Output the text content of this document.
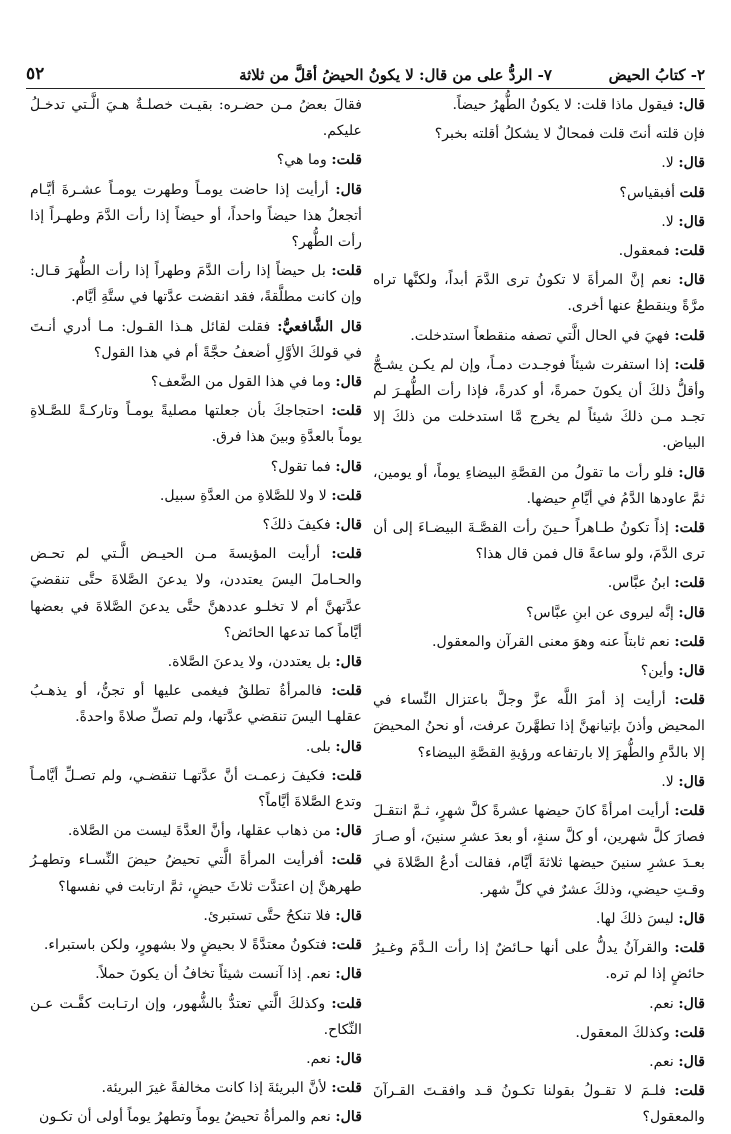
٢- كتابُ الحيض
٧- الردُّ على من قال: لا يكونُ الحيضُ أقلَّ من ثلاثة
٥٢

قال: فيقول ماذا قلت: لا يكونُ الطُّهرُ حيضاً.

فإن قلته أنتَ قلت فمحالٌ لا يشكلُ أقلته بخبر؟

قال: لا.

قلت أفبقياس؟

قال: لا.

قلت: فمعقول.

قال: نعم إنَّ المرأةَ لا تكونُ ترى الدَّمَ أبداً، ولكنَّها تراه مرَّةً وينقطعُ عنها أخرى.

قلت: فهيَ في الحال الَّتي تصفه منقطعاً استدخلت.

قلت: إذا استفرت شيئاً فوجـدت دمـاً، وإن لم يكـن يشـجُّ وأقلُّ ذلكَ أن يكونَ حمرةً، أو كدرةً، فإذا رأت الطُّهـرَ لم تجـد مـن ذلكَ شيئاً لم يخرج مَّا استدخلت من ذلكَ إلا البياض.

قال: فلو رأت ما تقولُ من القصَّةِ البيضاءِ يوماً، أو يومين، ثمَّ عاودها الدَّمُ في أيَّامِ حيضها.

قلت: إذاً تكونُ طـاهراً حـينَ رأت القصَّـةَ البيضـاءَ إلى أن ترى الدَّمَ، ولو ساعةً قال فمن قال هذا؟

قلت: ابنُ عبَّاس.

قال: إنَّه ليروى عن ابنِ عبَّاس؟

قلت: نعم ثابتاً عنه وهوَ معنى القرآن والمعقول.

قال: وأين؟

قلت: أرأيت إذ أمرَ اللَّه عزَّ وجلَّ باعتزال النِّساء في المحيض وأذنَ بإتيانهنَّ إذا تطهَّرنَ عرفت، أو نحنُ المحيضَ إلا بالدَّمِ والطُّهرَ إلا بارتفاعه ورؤيةِ القصَّةِ البيضاء؟

قال: لا.

قلت: أرأيت امرأةً كانَ حيضها عشرةً كلَّ شهرٍ، ثـمَّ انتقـلَ فصارَ كلَّ شهرين، أو كلَّ سنةٍ، أو بعدَ عشرِ سنينَ، أو صـارَ بعـدَ عشرِ سنينَ حيضها ثلاثةَ أيَّام، فقالت أدعُ الصَّلاةَ في وقـتِ حيضي، وذلكَ عشرٌ في كلِّ شهر.

قال: ليسَ ذلكَ لها.

قلت: والقرآنُ يدلُّ على أنها حـائضٌ إذا رأت الـدَّمَ وغـيرُ حائضٍ إذا لم تره.

قال: نعم.

قلت: وكذلكَ المعقول.

قال: نعم.

قلت: فلـمَ لا تقـولُ بقولنا تكـونُ قـد وافقـتَ القـرآنَ والمعقول؟

فقالَ بعضُ مـن حضـره: بقيـت خصلـةٌ هـيَ الَّـتي تدخـلُ عليكم.

قلت: وما هي؟

قال: أرأيت إذا حاضت يومـاً وطهرت يومـاً عشـرةَ أيَّـام أتجعلُ هذا حيضاً واحداً، أو حيضاً إذا رأت الدَّمَ وطهـراً إذا رأت الطُّهر؟

قلت: بل حيضاً إذا رأت الدَّمَ وطهراً إذا رأت الطُّهرَ قـال: وإن كانت مطلَّقةً، فقد انقضت عدَّتها في ستَّةِ أيَّام.

قال الشَّافعيُّ: فقلت لقائل هـذا القـول: مـا أدري أنـتَ في قولكَ الأوَّلِ أضعفُ حجَّةً أم في هذا القول؟

قال: وما في هذا القول من الضَّعف؟

قلت: احتجاجكَ بأن جعلتها مصليةً يومـاً وتاركـةً للصَّـلاةِ يوماً بالعدَّةِ وبينَ هذا فرق.

قال: فما تقول؟

قلت: لا ولا للصَّلاةِ من العدَّةِ سبيل.

قال: فكيفَ ذلكَ؟

قلت: أرأيت المؤيسةَ مـن الحيـض الَّـتي لم تحـض والحـاملَ اليسَ يعتددن، ولا يدعنَ الصَّلاةَ حتَّى تنقضيَ عدَّتهنَّ أم لا تخلـو عددهنَّ حتَّى يدعنَ الصَّلاةَ في بعضها أيَّاماً كما تدعها الحائض؟

قال: بل يعتددن، ولا يدعنَ الصَّلاة.

قلت: فالمرأةُ تطلقُ فيغمى عليها أو تجنُّ، أو يذهـبُ عقلهـا اليسَ تنقضي عدَّتها، ولم تصلِّ صلاةً واحدةً.

قال: بلى.

قلت: فكيفَ زعمـت أنَّ عدَّتهـا تنقضـي، ولم تصـلِّ أيَّامـاً وتدع الصَّلاةَ أيَّاماً؟

قال: من ذهاب عقلها، وأنَّ العدَّةَ ليست من الصَّلاة.

قلت: أفرأيت المرأةَ الَّتي تحيضُ حيضَ النِّسـاء وتطهـرُ طهرهنَّ إن اعتدَّت ثلاثَ حيضٍ، ثمَّ ارتابت في نفسها؟

قال: فلا تنكحُ حتَّى تستبرئ.

قلت: فتكونُ معتدَّةً لا بحيضٍ ولا بشهورٍ، ولكن باستبراء.

قال: نعم. إذا آنست شيئاً تخافُ أن يكونَ حملاً.

قلت: وكذلكَ الَّتي تعتدُّ بالشُّهور، وإن ارتـابت كفَّـت عـن النِّكاح.

قال: نعم.

قلت: لأنَّ البريئةَ إذا كانت مخالفةً غيرَ البريئة.

قال: نعم والمرأةُ تحيضُ يوماً وتطهرُ يوماً أولى أن تكـون
